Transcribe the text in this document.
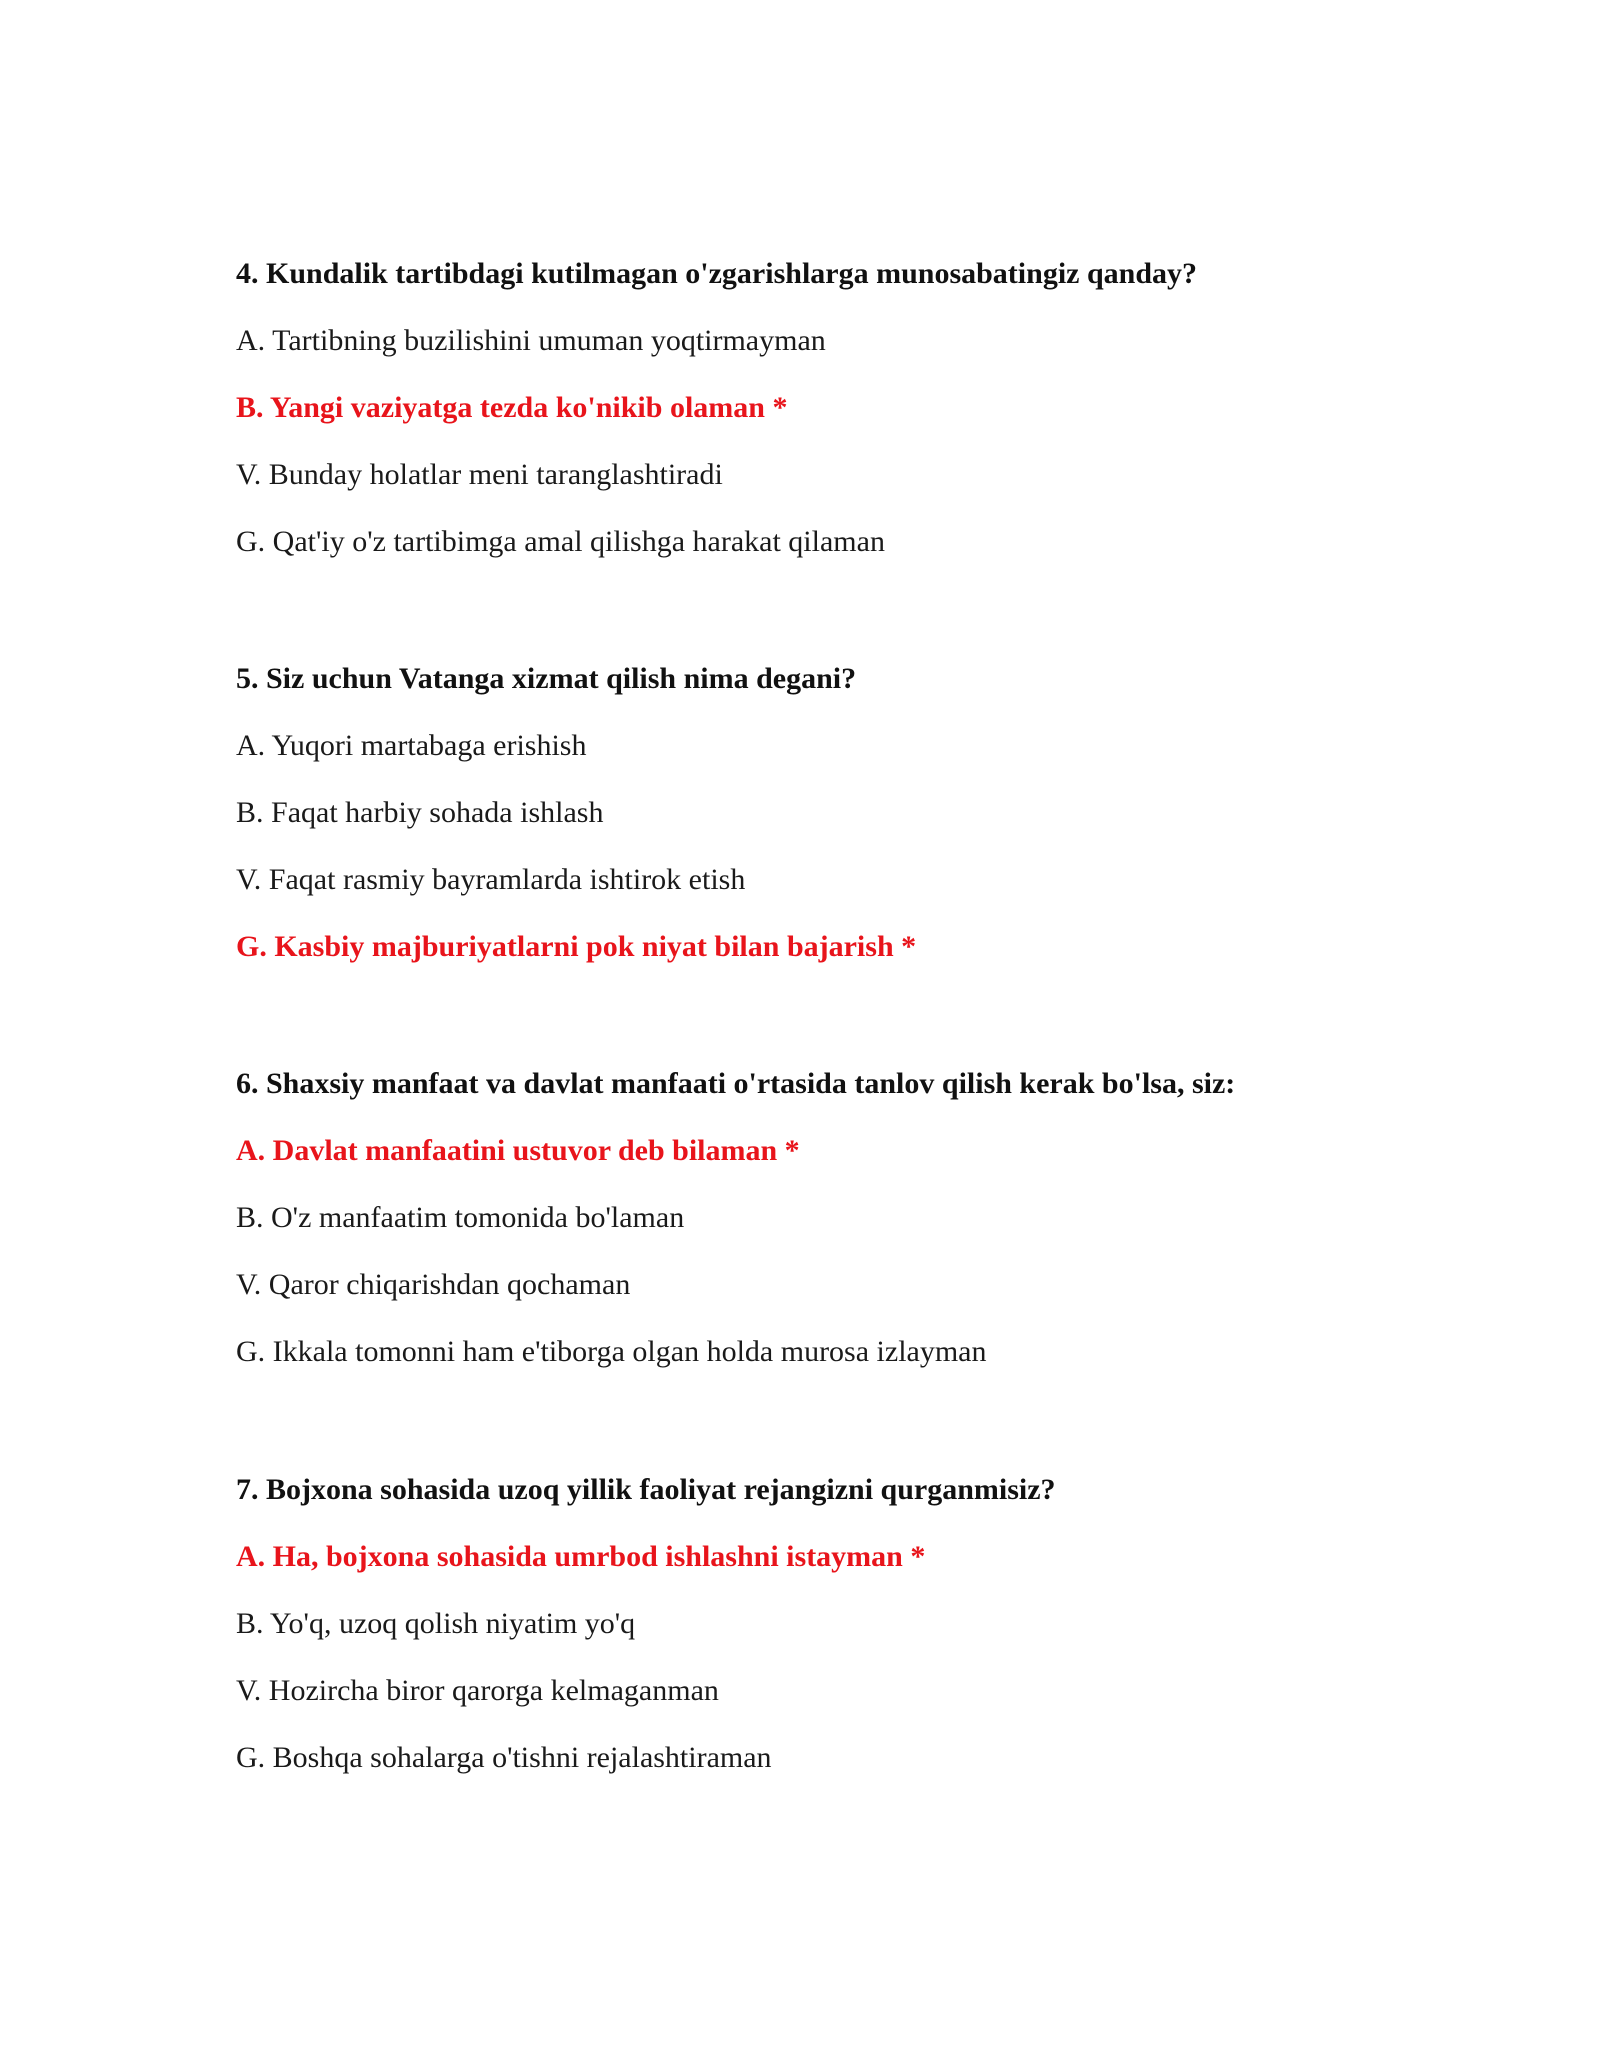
4. Kundalik tartibdagi kutilmagan o'zgarishlarga munosabatingiz qanday?
A. Tartibning buzilishini umuman yoqtirmayman
B. Yangi vaziyatga tezda ko'nikib olaman *
V. Bunday holatlar meni taranglashtiradi
G. Qat'iy o'z tartibimga amal qilishga harakat qilaman
5. Siz uchun Vatanga xizmat qilish nima degani?
A. Yuqori martabaga erishish
B. Faqat harbiy sohada ishlash
V. Faqat rasmiy bayramlarda ishtirok etish
G. Kasbiy majburiyatlarni pok niyat bilan bajarish *
6. Shaxsiy manfaat va davlat manfaati o'rtasida tanlov qilish kerak bo'lsa, siz:
A. Davlat manfaatini ustuvor deb bilaman *
B. O'z manfaatim tomonida bo'laman
V. Qaror chiqarishdan qochaman
G. Ikkala tomonni ham e'tiborga olgan holda murosa izlayman
7. Bojxona sohasida uzoq yillik faoliyat rejangizni qurganmisiz?
A. Ha, bojxona sohasida umrbod ishlashni istayman *
B. Yo'q, uzoq qolish niyatim yo'q
V. Hozircha biror qarorga kelmaganman
G. Boshqa sohalarga o'tishni rejalashtiraman
